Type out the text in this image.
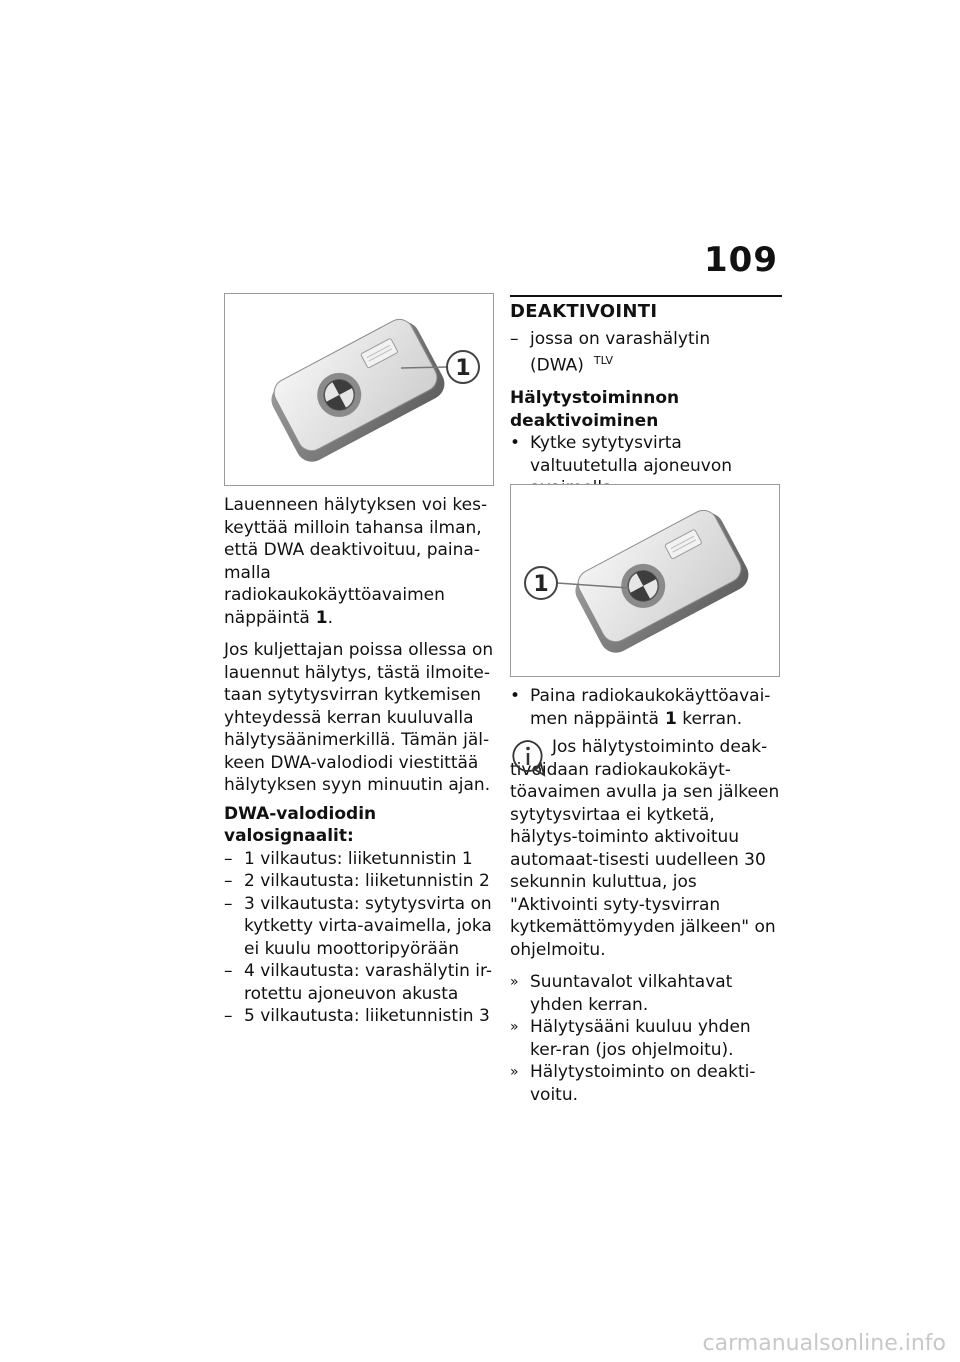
109
1

Lauenneen hälytyksen voi kes-keyttää milloin tahansa ilman, että DWA deaktivoituu, paina-malla radiokaukokäyttöavaimen näppäintä 1.

Jos kuljettajan poissa ollessa on lauennut hälytys, tästä ilmoite-taan sytytysvirran kytkemisen yhteydessä kerran kuuluvalla hälytysäänimerkillä. Tämän jäl-keen DWA-valodiodi viestittää hälytyksen syyn minuutin ajan.

DWA-valodiodin valosignaalit:

– 1 vilkautus: liiketunnistin 1

– 2 vilkautusta: liiketunnistin 2

– 3 vilkautusta: sytytysvirta on kytketty virta-avaimella, joka ei kuulu moottoripyörään

– 4 vilkautusta: varashälytin ir-rotettu ajoneuvon akusta

– 5 vilkautusta: liiketunnistin 3

DEAKTIVOINTI

– jossa on varashälytin (DWA) $^{TLV}$

Hälytystoiminnon deaktivoiminen

• Kytke sytytysvirta valtuutetulla ajoneuvon

1

• Paina radiokaukokäyttöavai-men näppäintä 1 kerran.

Jos hälytystoiminto deak-tivoidaan radiokaukokäyt-töavaimen avulla ja sen jälkeen sytytysvirtaa ei kytketä, hälytys-toiminto aktivoituu automaat-tisesti uudelleen 30 sekunnin kuluttua, jos "Aktivointi syty-tysvirran kytkemättömyyden jälkeen" on ohjelmoitu.

» Suuntavalot vilkahtavat yhden kerran.

» Hälytysääni kuuluu yhden ker-ran (jos ohjelmoitu).

» Hälytystoiminto on deakti-voitu.

carmanualsonline.info
